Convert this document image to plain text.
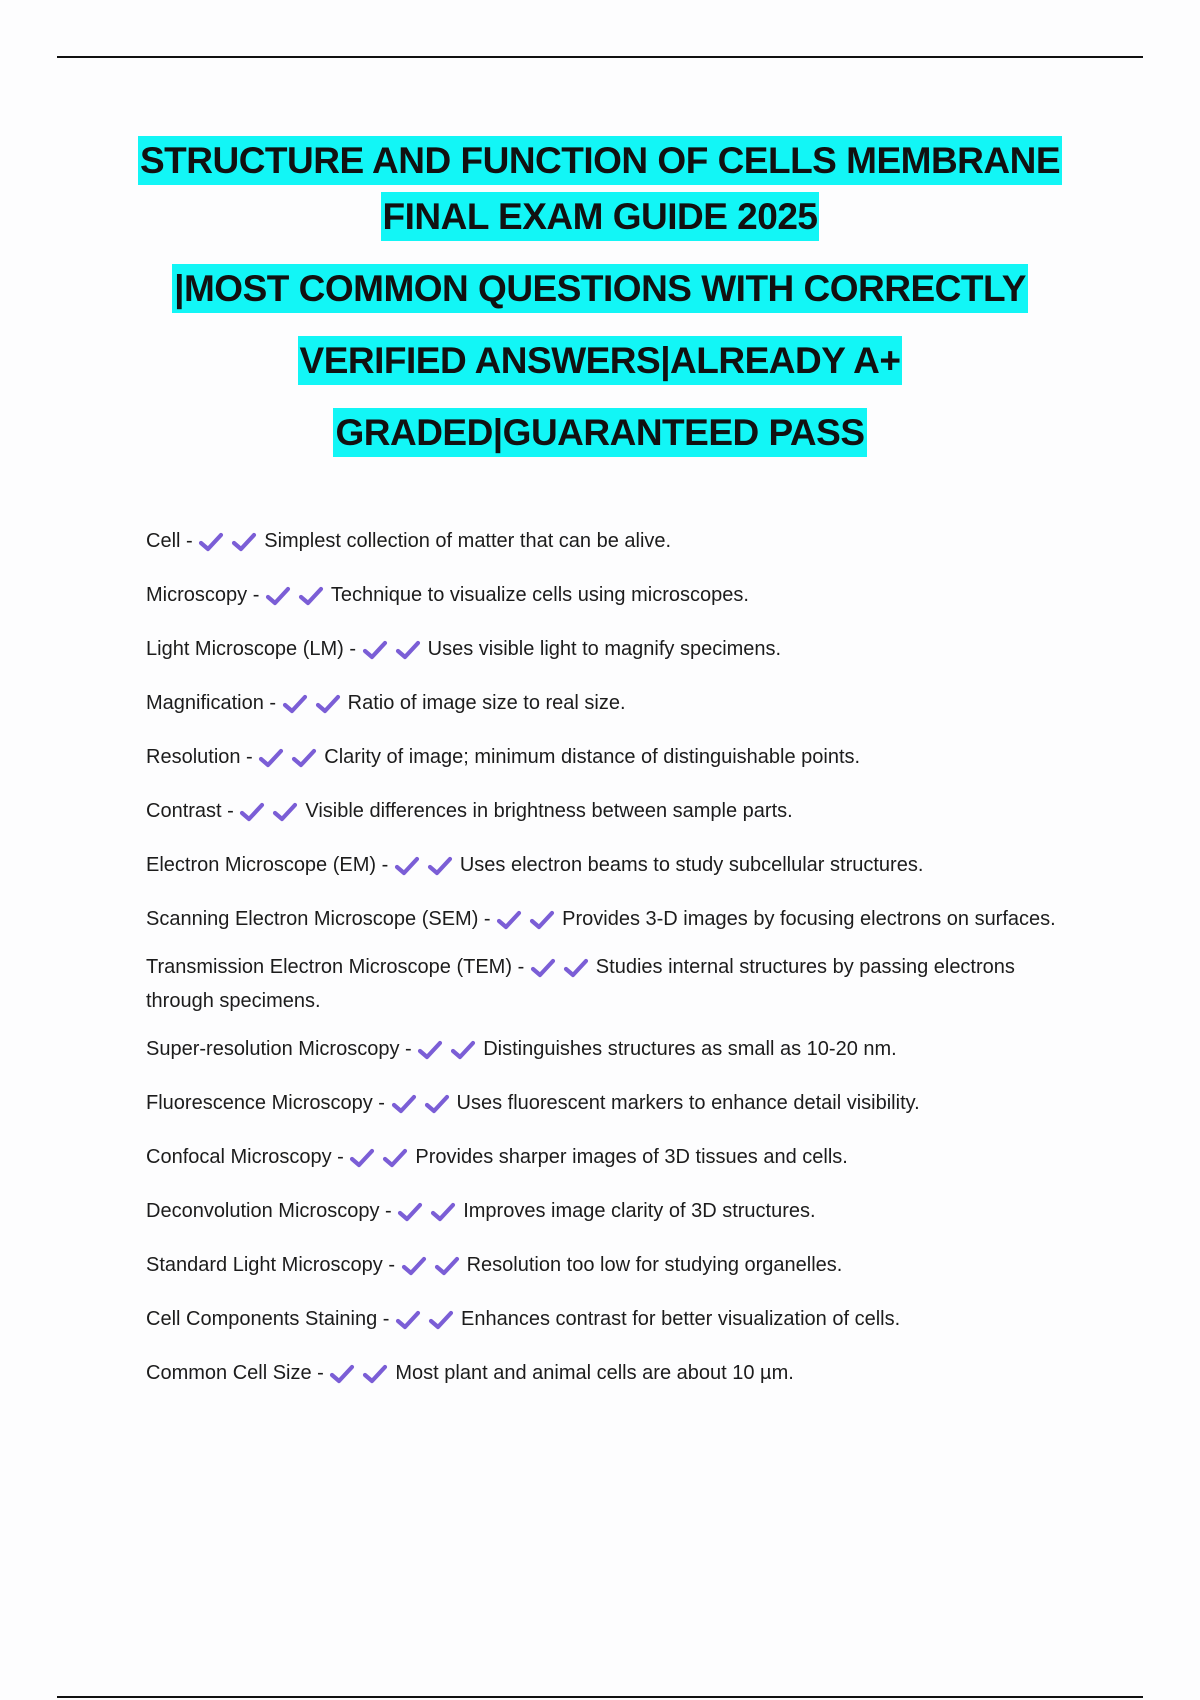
STRUCTURE AND FUNCTION OF CELLS MEMBRANE
FINAL EXAM GUIDE 2025
|MOST COMMON QUESTIONS WITH CORRECTLY
VERIFIED ANSWERS|ALREADY A+
GRADED|GUARANTEED PASS

Cell -	Simplest collection of matter that can be alive.

Microscopy -	Technique to visualize cells using microscopes.

Light Microscope (LM) -	Uses visible light to magnify specimens.

Magnification -	Ratio of image size to real size.

Resolution -	Clarity of image; minimum distance of distinguishable points.

Contrast -	Visible differences in brightness between sample parts.

Electron Microscope (EM) -	Uses electron beams to study subcellular structures.

Scanning Electron Microscope (SEM) -	Provides 3-D images by focusing electrons on surfaces.

Transmission Electron Microscope (TEM) -	Studies internal structures by passing electrons through specimens.

Super-resolution Microscopy -	Distinguishes structures as small as 10-20 nm.

Fluorescence Microscopy -	Uses fluorescent markers to enhance detail visibility.

Confocal Microscopy -	Provides sharper images of 3D tissues and cells.

Deconvolution Microscopy -	Improves image clarity of 3D structures.

Standard Light Microscopy -	Resolution too low for studying organelles.

Cell Components Staining -	Enhances contrast for better visualization of cells.

Common Cell Size -	Most plant and animal cells are about 10 µm.
